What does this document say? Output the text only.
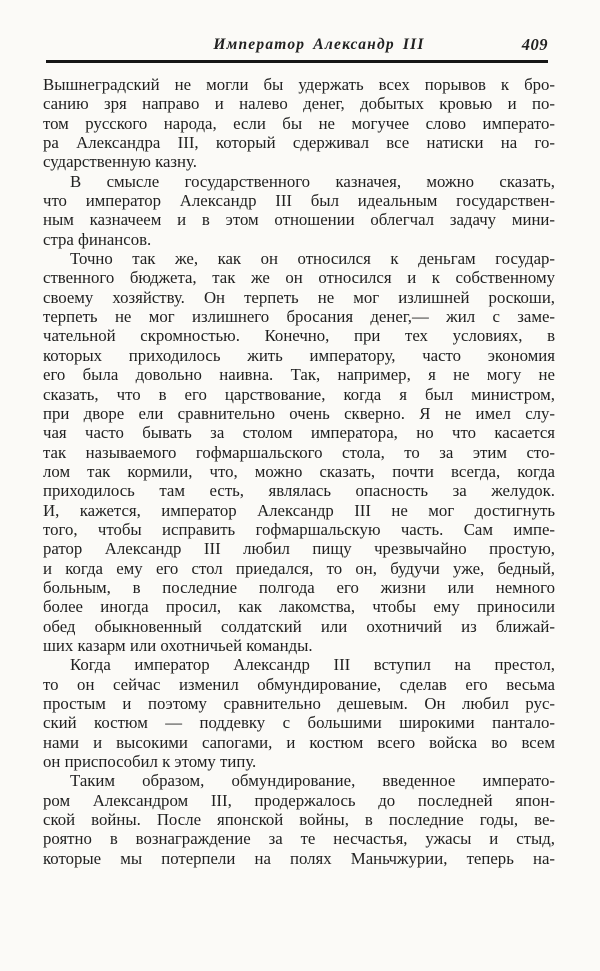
Император Александр III	409

Вышнеградский не могли бы удержать всех порывов к бро-
санию зря направо и налево денег, добытых кровью и по-
том русского народа, если бы не могучее слово императо-
ра Александра III, который сдерживал все натиски на го-
сударственную казну.

В смысле государственного казначея, можно сказать,
что император Александр III был идеальным государствен-
ным казначеем и в этом отношении облегчал задачу мини-
стра финансов.

Точно так же, как он относился к деньгам государ-
ственного бюджета, так же он относился и к собственному
своему хозяйству. Он терпеть не мог излишней роскоши,
терпеть не мог излишнего бросания денег,— жил с заме-
чательной скромностью. Конечно, при тех условиях, в
которых приходилось жить императору, часто экономия
его была довольно наивна. Так, например, я не могу не
сказать, что в его царствование, когда я был министром,
при дворе ели сравнительно очень скверно. Я не имел слу-
чая часто бывать за столом императора, но что касается
так называемого гофмаршальского стола, то за этим сто-
лом так кормили, что, можно сказать, почти всегда, когда
приходилось там есть, являлась опасность за желудок.
И, кажется, император Александр III не мог достигнуть
того, чтобы исправить гофмаршальскую часть. Сам импе-
ратор Александр III любил пищу чрезвычайно простую,
и когда ему его стол приедался, то он, будучи уже, бедный,
больным, в последние полгода его жизни или немного
более иногда просил, как лакомства, чтобы ему приносили
обед обыкновенный солдатский или охотничий из ближай-
ших казарм или охотничьей команды.

Когда император Александр III вступил на престол,
то он сейчас изменил обмундирование, сделав его весьма
простым и поэтому сравнительно дешевым. Он любил рус-
ский костюм — поддевку с большими широкими пантало-
нами и высокими сапогами, и костюм всего войска во всем
он приспособил к этому типу.

Таким образом, обмундирование, введенное императо-
ром Александром III, продержалось до последней япон-
ской войны. После японской войны, в последние годы, ве-
роятно в вознаграждение за те несчастья, ужасы и стыд,
которые мы потерпели на полях Маньчжурии, теперь на-
